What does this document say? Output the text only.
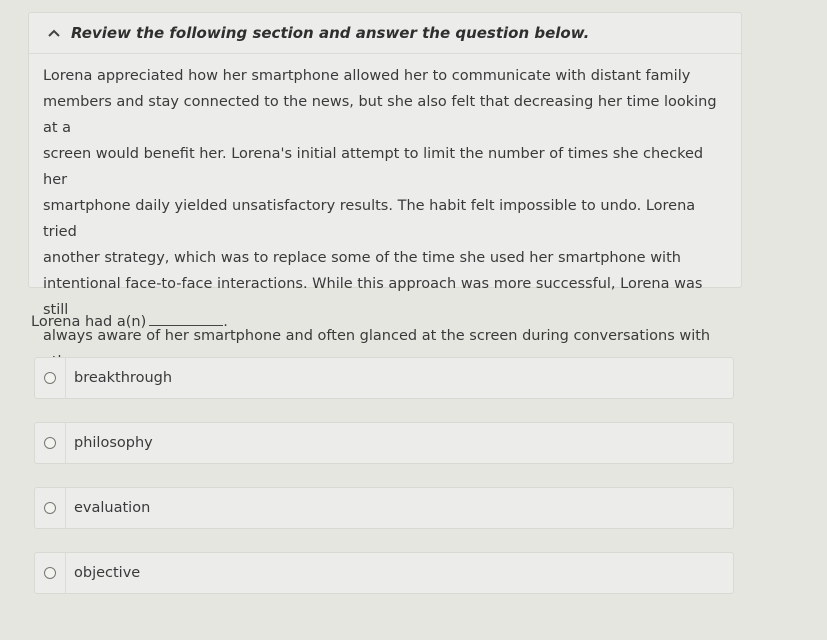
Review the following section and answer the question below.
Lorena appreciated how her smartphone allowed her to communicate with distant family
members and stay connected to the news, but she also felt that decreasing her time looking at a
screen would benefit her. Lorena's initial attempt to limit the number of times she checked her
smartphone daily yielded unsatisfactory results. The habit felt impossible to undo. Lorena tried
another strategy, which was to replace some of the time she used her smartphone with
intentional face-to-face interactions. While this approach was more successful, Lorena was still
always aware of her smartphone and often glanced at the screen during conversations with
Lorena had a(n)	.
breakthrough
philosophy
evaluation
objective
